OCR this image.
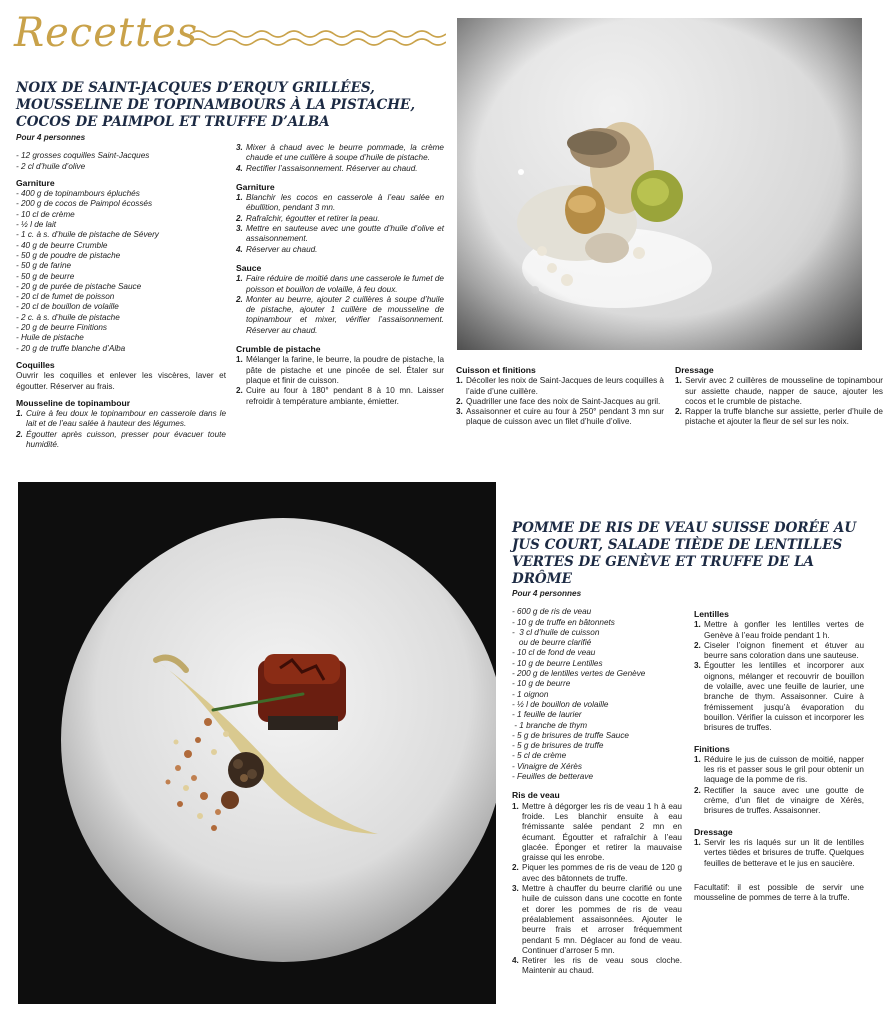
Recettes
NOIX DE SAINT-JACQUES D’ERQUY GRILLÉES, MOUSSELINE DE TOPINAMBOURS À LA PISTACHE, COCOS DE PAIMPOL ET TRUFFE D’ALBA
Pour 4 personnes
- 12 grosses coquilles Saint-Jacques
- 2 cl d’huile d’olive
Garniture
- 400 g de topinambours épluchés
- 200 g de cocos de Paimpol écossés
- 10 cl de crème
- ½ l de lait
- 1 c. à s. d’huile de pistache de Sévery
- 40 g de beurre Crumble
- 50 g de poudre de pistache
- 50 g de farine
- 50 g de beurre
- 20 g de purée de pistache Sauce
- 20 cl de fumet de poisson
- 20 cl de bouillon de volaille
- 2 c. à s. d’huile de pistache
- 20 g de beurre Finitions
- Huile de pistache
- 20 g de truffe blanche d’Alba
Coquilles

Ouvrir les coquilles et enlever les viscères, laver et égoutter. Réserver au frais.

Mousseline de topinambour
1. Cuire à feu doux le topinambour en casserole dans le lait et de l’eau salée à hauteur des légumes.
2. Égoutter après cuisson, presser pour évacuer toute humidité.
3. Mixer à chaud avec le beurre pommade, la crème chaude et une cuillère à soupe d’huile de pistache.
4. Rectifier l’assaisonnement. Réserver au chaud.
Garniture
1. Blanchir les cocos en casserole à l’eau salée en ébullition, pendant 3 mn.
2. Rafraîchir, égoutter et retirer la peau.
3. Mettre en sauteuse avec une goutte d’huile d’olive et assaisonnement.
4. Réserver au chaud.
Sauce
1. Faire réduire de moitié dans une casserole le fumet de poisson et bouillon de volaille, à feu doux.
2. Monter au beurre, ajouter 2 cuillères à soupe d’huile de pistache, ajouter 1 cuillère de mousseline de topinambour et mixer, vérifier l’assaisonnement. Réserver au chaud.
Crumble de pistache
1. Mélanger la farine, le beurre, la poudre de pistache, la pâte de pistache et une pincée de sel. Étaler sur plaque et finir de cuisson.
2. Cuire au four à 180° pendant 8 à 10 mn. Laisser refroidir à température ambiante, émietter.
Cuisson et finitions
1. Décoller les noix de Saint-Jacques de leurs coquilles à l’aide d’une cuillère.
2. Quadriller une face des noix de Saint-Jacques au gril.
3. Assaisonner et cuire au four à 250° pendant 3 mn sur plaque de cuisson avec un filet d’huile d’olive.
Dressage
1. Servir avec 2 cuillères de mousseline de topinambour sur assiette chaude, napper de sauce, ajouter les cocos et le crumble de pistache.
2. Rapper la truffe blanche sur assiette, perler d’huile de pistache et ajouter la fleur de sel sur les noix.
POMME DE RIS DE VEAU SUISSE DORÉE AU JUS COURT, SALADE TIÈDE DE LENTILLES VERTES DE GENÈVE ET TRUFFE DE LA DRÔME
Pour 4 personnes
- 600 g de ris de veau
- 10 g de truffe en bâtonnets
-  3 cl d’huile de cuisson
ou de beurre clarifié
- 10 cl de fond de veau
- 10 g de beurre Lentilles
- 200 g de lentilles vertes de Genève
- 10 g de beurre
- 1 oignon
- ½ l de bouillon de volaille
- 1 feuille de laurier
- 1 branche de thym
- 5 g de brisures de truffe Sauce
- 5 g de brisures de truffe
- 5 cl de crème
- Vinaigre de Xérès
- Feuilles de betterave
Ris de veau
1. Mettre à dégorger les ris de veau 1 h à eau froide. Les blanchir ensuite à eau frémissante salée pendant 2 mn en écumant. Égoutter et rafraîchir à l’eau glacée. Éponger et retirer la mauvaise graisse qui les enrobe.
2. Piquer les pommes de ris de veau de 120 g avec des bâtonnets de truffe.
3. Mettre à chauffer du beurre clarifié ou une huile de cuisson dans une cocotte en fonte et dorer les pommes de ris de veau préalablement assaisonnées. Ajouter le beurre frais et arroser fréquemment pendant 5 mn. Déglacer au fond de veau. Continuer d’arroser 5 mn.
4. Retirer les ris de veau sous cloche. Maintenir au chaud.
Lentilles
1. Mettre à gonfler les lentilles vertes de Genève à l’eau froide pendant 1 h.
2. Ciseler l’oignon finement et étuver au beurre sans coloration dans une sauteuse.
3. Égoutter les lentilles et incorporer aux oignons, mélanger et recouvrir de bouillon de volaille, avec une feuille de laurier, une branche de thym. Assaisonner. Cuire à frémissement jusqu’à évaporation du bouillon. Vérifier la cuisson et incorporer les brisures de truffes.
Finitions
1. Réduire le jus de cuisson de moitié, napper les ris et passer sous le gril pour obtenir un laquage de la pomme de ris.
2. Rectifier la sauce avec une goutte de crème, d’un filet de vinaigre de Xérès, brisures de truffes. Assaisonner.
Dressage
1. Servir les ris laqués sur un lit de lentilles vertes tièdes et brisures de truffe. Quelques feuilles de betterave et le jus en saucière.

Facultatif: il est possible de servir une mousseline de pommes de terre à la truffe.
